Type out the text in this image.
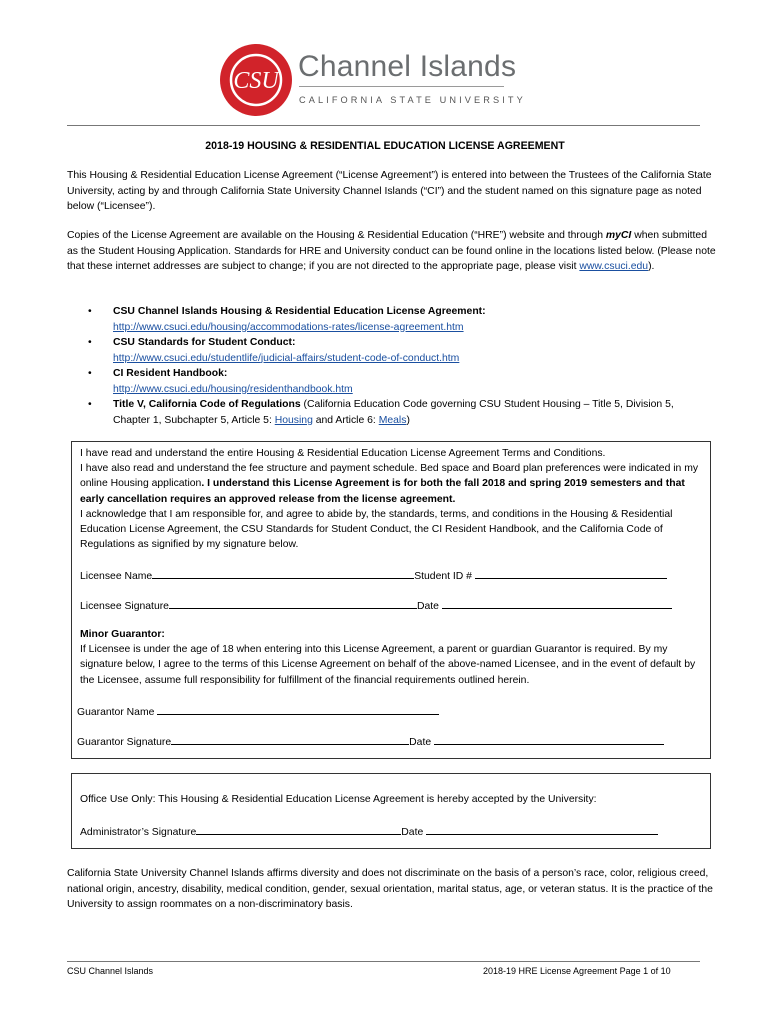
CSU Channel Islands
CALIFORNIA STATE UNIVERSITY
2018-19 HOUSING & RESIDENTIAL EDUCATION LICENSE AGREEMENT

This Housing & Residential Education License Agreement (“License Agreement”) is entered into between the Trustees of the California State University, acting by and through California State University Channel Islands (“CI”) and the student named on this signature page as noted below (“Licensee”).

Copies of the License Agreement are available on the Housing & Residential Education (“HRE”) website and through myCI when submitted as the Student Housing Application. Standards for HRE and University conduct can be found online in the locations listed below. (Please note that these internet addresses are subject to change; if you are not directed to the appropriate page, please visit www.csuci.edu).

• CSU Channel Islands Housing & Residential Education License Agreement:
http://www.csuci.edu/housing/accommodations-rates/license-agreement.htm
• CSU Standards for Student Conduct:
http://www.csuci.edu/studentlife/judicial-affairs/student-code-of-conduct.htm
• CI Resident Handbook:
http://www.csuci.edu/housing/residenthandbook.htm
• Title V, California Code of Regulations (California Education Code governing CSU Student Housing – Title 5, Division 5, Chapter 1, Subchapter 5, Article 5: Housing and Article 6: Meals)

I have read and understand the entire Housing & Residential Education License Agreement Terms and Conditions.

I have also read and understand the fee structure and payment schedule. Bed space and Board plan preferences were indicated in my online Housing application. I understand this License Agreement is for both the fall 2018 and spring 2019 semesters and that early cancellation requires an approved release from the license agreement.

I acknowledge that I am responsible for, and agree to abide by, the standards, terms, and conditions in the Housing & Residential Education License Agreement, the CSU Standards for Student Conduct, the CI Resident Handbook, and the California Code of Regulations as signified by my signature below.

Licensee Name	Student ID #
Licensee Signature	Date

Minor Guarantor:

If Licensee is under the age of 18 when entering into this License Agreement, a parent or guardian Guarantor is required. By my signature below, I agree to the terms of this License Agreement on behalf of the above-named Licensee, and in the event of default by the Licensee, assume full responsibility for fulfillment of the financial requirements outlined herein.

Guarantor Name
Guarantor Signature	Date
Office Use Only: This Housing & Residential Education License Agreement is hereby accepted by the University:
Administrator’s Signature	Date

California State University Channel Islands affirms diversity and does not discriminate on the basis of a person’s race, color, religious creed, national origin, ancestry, disability, medical condition, gender, sexual orientation, marital status, age, or veteran status. It is the practice of the University to assign roommates on a non-discriminatory basis.

CSU Channel Islands	2018-19 HRE License Agreement Page 1 of 10
